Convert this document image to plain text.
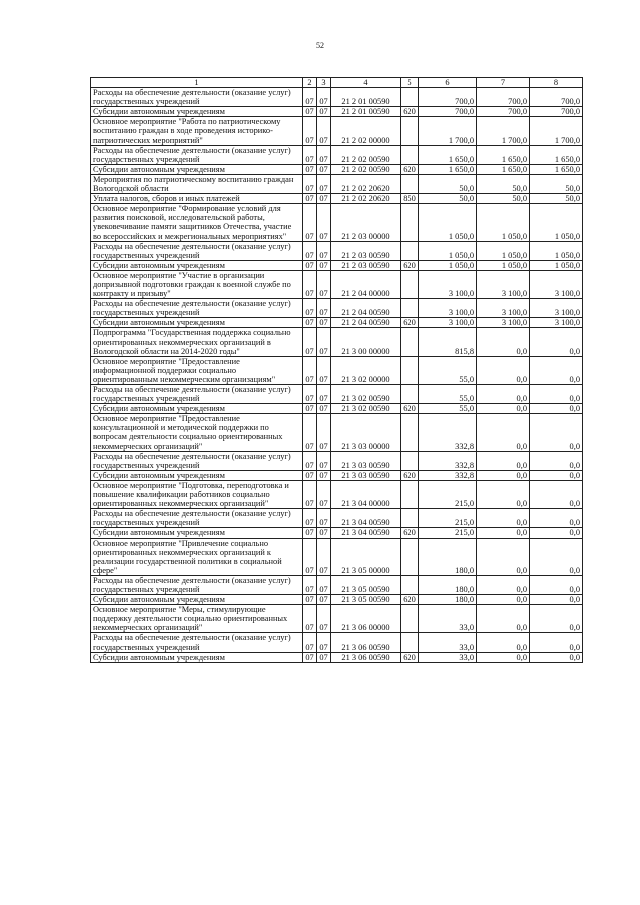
52
1	2	3	4	5	6	7	8
Расходы на обеспечение деятельности (оказание услуг) государственных учреждений	07	07	21 2 01 00590		700,0	700,0	700,0
Субсидии автономным учреждениям	07	07	21 2 01 00590	620	700,0	700,0	700,0
Основное мероприятие "Работа по патриотическому воспитанию граждан в ходе проведения историко-патриотических мероприятий"	07	07	21 2 02 00000		1 700,0	1 700,0	1 700,0
Расходы на обеспечение деятельности (оказание услуг) государственных учреждений	07	07	21 2 02 00590		1 650,0	1 650,0	1 650,0
Субсидии автономным учреждениям	07	07	21 2 02 00590	620	1 650,0	1 650,0	1 650,0
Мероприятия по патриотическому воспитанию граждан Вологодской области	07	07	21 2 02 20620		50,0	50,0	50,0
Уплата налогов, сборов и иных платежей	07	07	21 2 02 20620	850	50,0	50,0	50,0
Основное мероприятие "Формирование условий для развития поисковой, исследовательской работы, увековечивание памяти защитников Отечества, участие во всероссийских и межрегиональных мероприятиях"	07	07	21 2 03 00000		1 050,0	1 050,0	1 050,0
Расходы на обеспечение деятельности (оказание услуг) государственных учреждений	07	07	21 2 03 00590		1 050,0	1 050,0	1 050,0
Субсидии автономным учреждениям	07	07	21 2 03 00590	620	1 050,0	1 050,0	1 050,0
Основное мероприятие "Участие в организации допризывной подготовки граждан к военной службе по контракту и призыву"	07	07	21 2 04 00000		3 100,0	3 100,0	3 100,0
Расходы на обеспечение деятельности (оказание услуг) государственных учреждений	07	07	21 2 04 00590		3 100,0	3 100,0	3 100,0
Субсидии автономным учреждениям	07	07	21 2 04 00590	620	3 100,0	3 100,0	3 100,0
Подпрограмма "Государственная поддержка социально ориентированных некоммерческих организаций в Вологодской области на 2014-2020 годы"	07	07	21 3 00 00000		815,8	0,0	0,0
Основное мероприятие "Предоставление информационной поддержки социально ориентированным некоммерческим организациям"	07	07	21 3 02 00000		55,0	0,0	0,0
Расходы на обеспечение деятельности (оказание услуг) государственных учреждений	07	07	21 3 02 00590		55,0	0,0	0,0
Субсидии автономным учреждениям	07	07	21 3 02 00590	620	55,0	0,0	0,0
Основное мероприятие "Предоставление консультационной и методической поддержки по вопросам деятельности социально ориентированных некоммерческих организаций"	07	07	21 3 03 00000		332,8	0,0	0,0
Расходы на обеспечение деятельности (оказание услуг) государственных учреждений	07	07	21 3 03 00590		332,8	0,0	0,0
Субсидии автономным учреждениям	07	07	21 3 03 00590	620	332,8	0,0	0,0
Основное мероприятие "Подготовка, переподготовка и повышение квалификации работников социально ориентированных некоммерческих организаций"	07	07	21 3 04 00000		215,0	0,0	0,0
Расходы на обеспечение деятельности (оказание услуг) государственных учреждений	07	07	21 3 04 00590		215,0	0,0	0,0
Субсидии автономным учреждениям	07	07	21 3 04 00590	620	215,0	0,0	0,0
Основное мероприятие "Привлечение социально ориентированных некоммерческих организаций к реализации государственной политики в социальной сфере"	07	07	21 3 05 00000		180,0	0,0	0,0
Расходы на обеспечение деятельности (оказание услуг) государственных учреждений	07	07	21 3 05 00590		180,0	0,0	0,0
Субсидии автономным учреждениям	07	07	21 3 05 00590	620	180,0	0,0	0,0
Основное мероприятие "Меры, стимулирующие поддержку деятельности социально ориентированных некоммерческих организаций"	07	07	21 3 06 00000		33,0	0,0	0,0
Расходы на обеспечение деятельности (оказание услуг) государственных учреждений	07	07	21 3 06 00590		33,0	0,0	0,0
Субсидии автономным учреждениям	07	07	21 3 06 00590	620	33,0	0,0	0,0
